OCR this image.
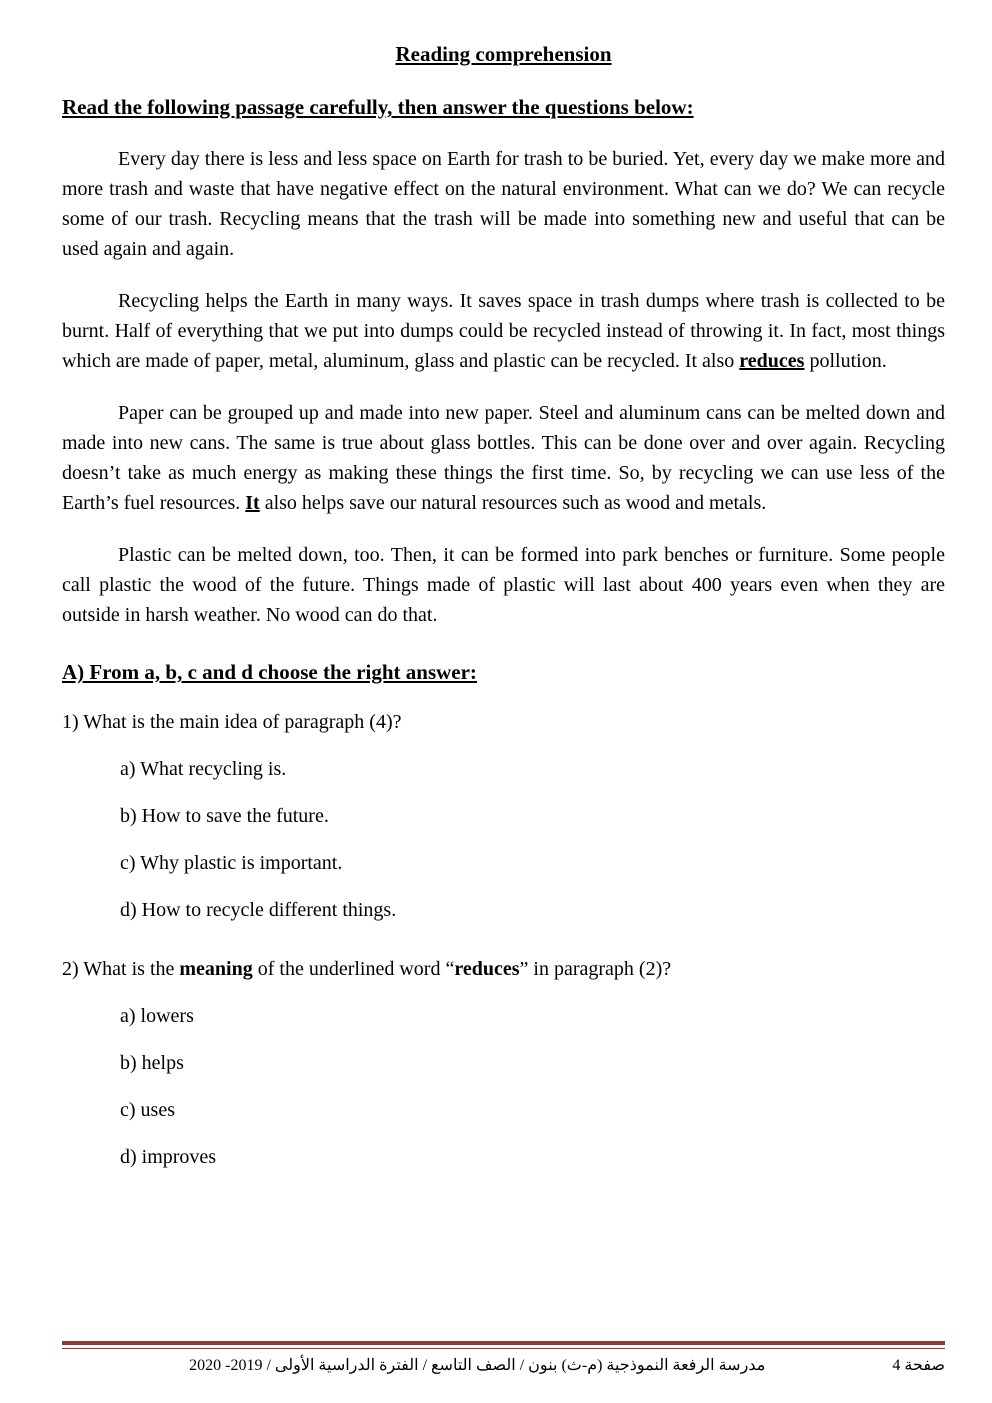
Reading comprehension
Read the following passage carefully, then answer the questions below:

Every day there is less and less space on Earth for trash to be buried. Yet, every day we make more and more trash and waste that have negative effect on the natural environment. What can we do? We can recycle some of our trash. Recycling means that the trash will be made into something new and useful that can be used again and again.

Recycling helps the Earth in many ways. It saves space in trash dumps where trash is collected to be burnt. Half of everything that we put into dumps could be recycled instead of throwing it. In fact, most things which are made of paper, metal, aluminum, glass and plastic can be recycled. It also reduces pollution.

Paper can be grouped up and made into new paper. Steel and aluminum cans can be melted down and made into new cans. The same is true about glass bottles. This can be done over and over again. Recycling doesn’t take as much energy as making these things the first time. So, by recycling we can use less of the Earth’s fuel resources. It also helps save our natural resources such as wood and metals.

Plastic can be melted down, too. Then, it can be formed into park benches or furniture. Some people call plastic the wood of the future. Things made of plastic will last about 400 years even when they are outside in harsh weather. No wood can do that.

A) From a, b, c and d choose the right answer:

1) What is the main idea of paragraph (4)?

a) What recycling is.
b) How to save the future.
c) Why plastic is important.
d) How to recycle different things.

2) What is the meaning of the underlined word “reduces” in paragraph (2)?

a) lowers
b) helps
c) uses
d) improves
صفحة 4
مدرسة الرفعة النموذجية (م-ث) بنون / الصف التاسع / الفترة الدراسية الأولى / 2019- 2020
